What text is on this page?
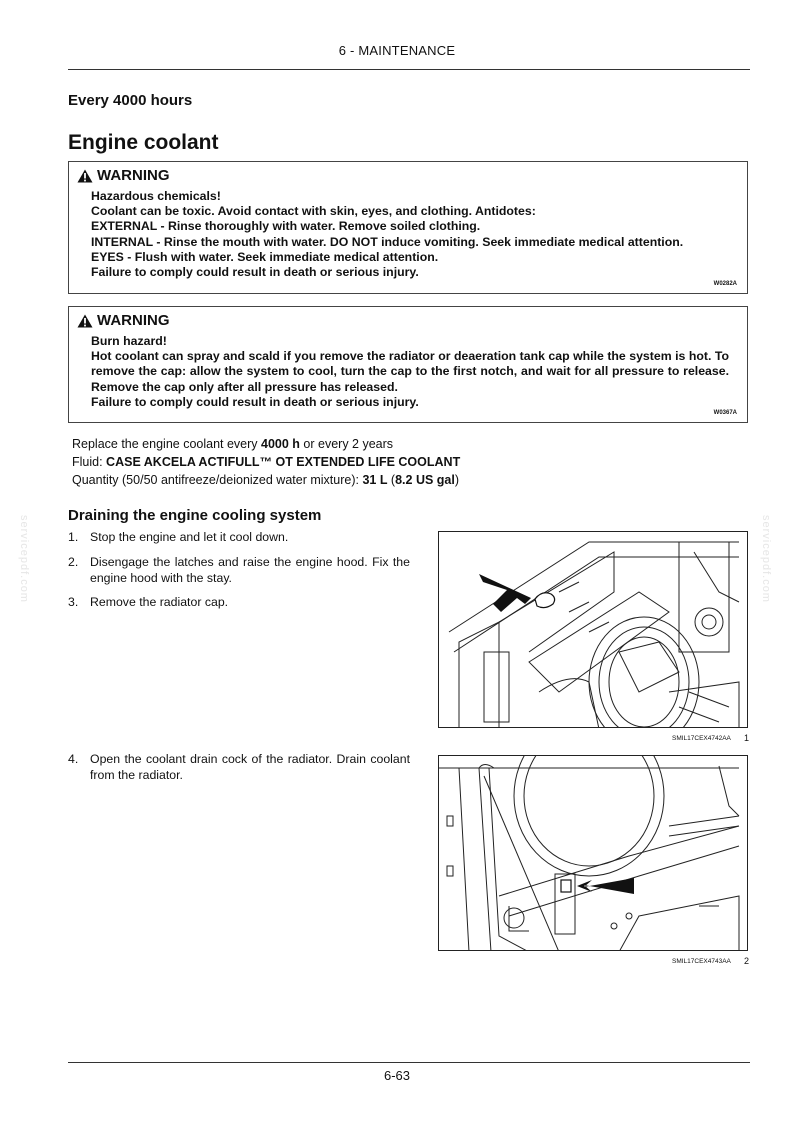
6 - MAINTENANCE
Every 4000 hours
Engine coolant
WARNING
Hazardous chemicals!
Coolant can be toxic. Avoid contact with skin, eyes, and clothing. Antidotes:
EXTERNAL - Rinse thoroughly with water. Remove soiled clothing.
INTERNAL - Rinse the mouth with water. DO NOT induce vomiting. Seek immediate medical attention.
EYES - Flush with water. Seek immediate medical attention.
Failure to comply could result in death or serious injury.
W0282A
WARNING
Burn hazard!
Hot coolant can spray and scald if you remove the radiator or deaeration tank cap while the system is hot. To remove the cap: allow the system to cool, turn the cap to the first notch, and wait for all pressure to release. Remove the cap only after all pressure has released.
Failure to comply could result in death or serious injury.
W0367A
Replace the engine coolant every 4000 h or every 2 years
Fluid: CASE AKCELA ACTIFULL™ OT EXTENDED LIFE COOLANT
Quantity (50/50 antifreeze/deionized water mixture): 31 L (8.2 US gal)
Draining the engine cooling system
1. Stop the engine and let it cool down.
2. Disengage the latches and raise the engine hood. Fix the engine hood with the stay.
3. Remove the radiator cap.
4. Open the coolant drain cock of the radiator. Drain coolant from the radiator.
SMIL17CEX4742AA 1
SMIL17CEX4743AA 2
servicepdf.com	servicepdf.com
6-63
